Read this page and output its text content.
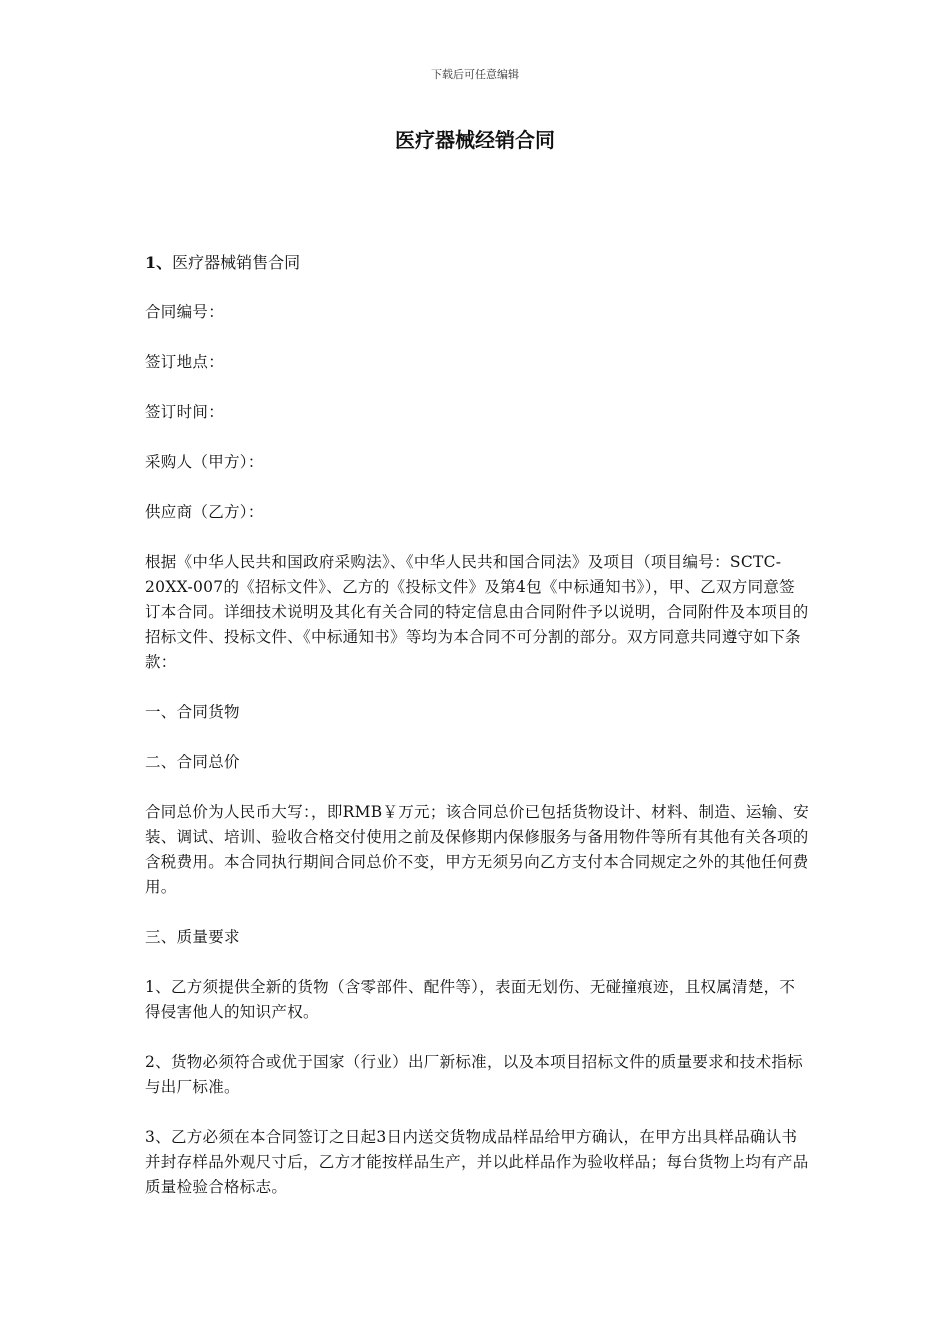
下载后可任意编辑
医疗器械经销合同

1、医疗器械销售合同

合同编号：

签订地点：

签订时间：

采购人（甲方）：

供应商（乙方）：

根据《中华人民共和国政府采购法》、《中华人民共和国合同法》及项目（项目编号：SCTC-20XX-007的《招标文件》、乙方的《投标文件》及第4包《中标通知书》），甲、乙双方同意签订本合同。详细技术说明及其化有关合同的特定信息由合同附件予以说明，合同附件及本项目的招标文件、投标文件、《中标通知书》等均为本合同不可分割的部分。双方同意共同遵守如下条款：

一、合同货物

二、合同总价

合同总价为人民币大写：，即RMB￥万元；该合同总价已包括货物设计、材料、制造、运输、安装、调试、培训、验收合格交付使用之前及保修期内保修服务与备用物件等所有其他有关各项的含税费用。本合同执行期间合同总价不变，甲方无须另向乙方支付本合同规定之外的其他任何费用。

三、质量要求

1、乙方须提供全新的货物（含零部件、配件等），表面无划伤、无碰撞痕迹，且权属清楚，不得侵害他人的知识产权。

2、货物必须符合或优于国家（行业）出厂新标准，以及本项目招标文件的质量要求和技术指标与出厂标准。

3、乙方必须在本合同签订之日起3日内送交货物成品样品给甲方确认，在甲方出具样品确认书并封存样品外观尺寸后，乙方才能按样品生产，并以此样品作为验收样品；每台货物上均有产品质量检验合格标志。
